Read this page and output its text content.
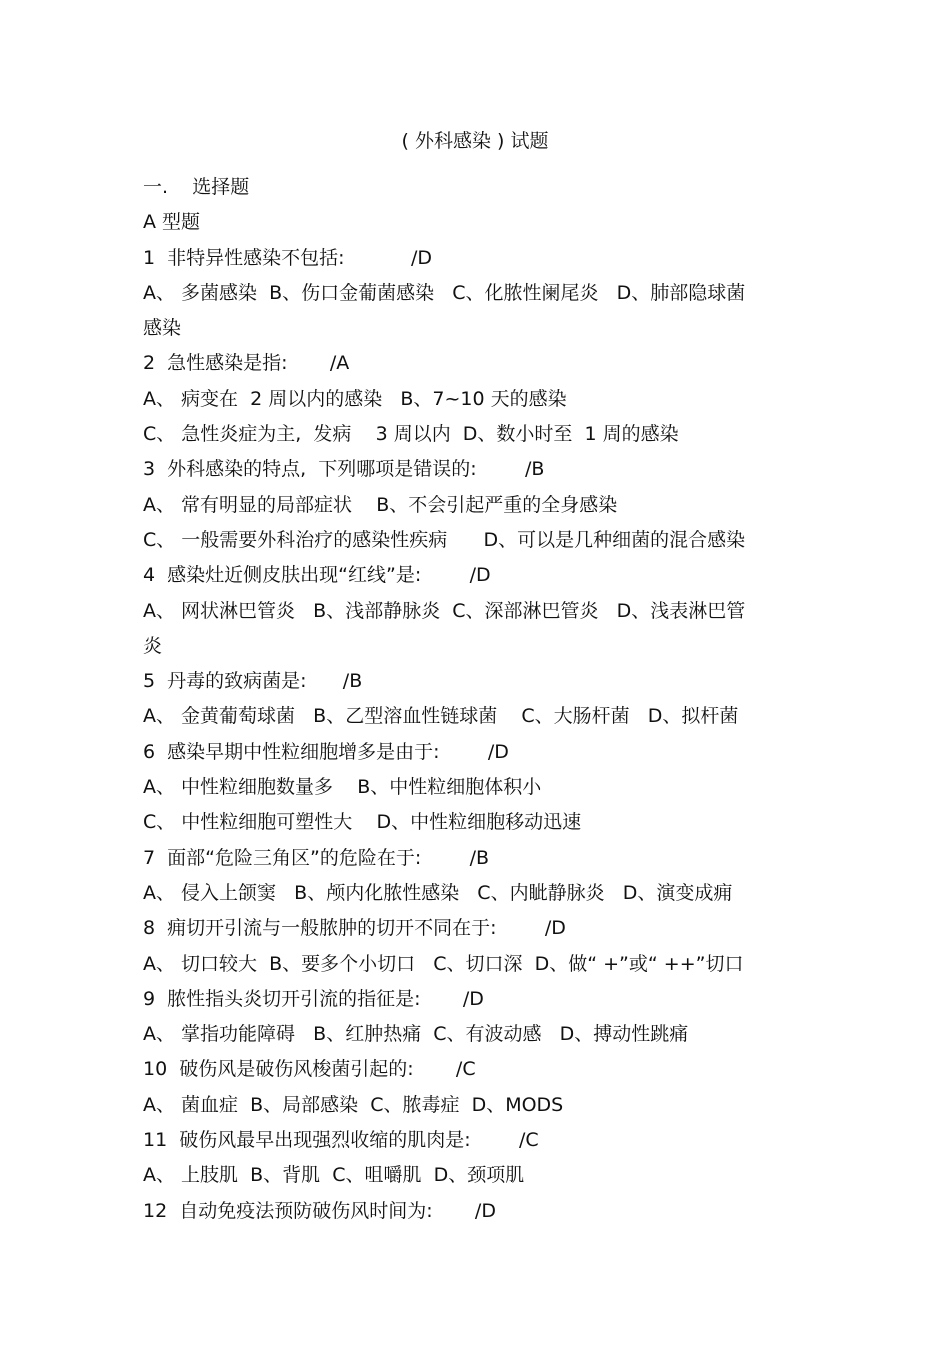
( 外科感染 ) 试题
一.    选择题
A 型题
1  非特异性感染不包括:           /D
A、 多菌感染  B、伤口金葡菌感染   C、化脓性阑尾炎   D、肺部隐球菌
感染
2  急性感染是指:       /A
A、 病变在  2 周以内的感染   B、7~10 天的感染
C、 急性炎症为主,  发病    3 周以内  D、数小时至  1 周的感染
3  外科感染的特点,  下列哪项是错误的:        /B
A、 常有明显的局部症状    B、不会引起严重的全身感染
C、 一般需要外科治疗的感染性疾病      D、可以是几种细菌的混合感染
4  感染灶近侧皮肤出现“红线”是:        /D
A、 网状淋巴管炎   B、浅部静脉炎  C、深部淋巴管炎   D、浅表淋巴管
炎
5  丹毒的致病菌是:      /B
A、 金黄葡萄球菌   B、乙型溶血性链球菌    C、大肠杆菌   D、拟杆菌
6  感染早期中性粒细胞增多是由于:        /D
A、 中性粒细胞数量多    B、中性粒细胞体积小
C、 中性粒细胞可塑性大    D、中性粒细胞移动迅速
7  面部“危险三角区”的危险在于:        /B
A、 侵入上颌窦   B、颅内化脓性感染   C、内眦静脉炎   D、演变成痈
8  痈切开引流与一般脓肿的切开不同在于:        /D
A、 切口较大  B、要多个小切口   C、切口深  D、做“ +”或“ ++”切口
9  脓性指头炎切开引流的指征是:       /D
A、 掌指功能障碍   B、红肿热痛  C、有波动感   D、搏动性跳痛
10  破伤风是破伤风梭菌引起的:       /C
A、 菌血症  B、局部感染  C、脓毒症  D、MODS
11  破伤风最早出现强烈收缩的肌肉是:        /C
A、 上肢肌  B、背肌  C、咀嚼肌  D、颈项肌
12  自动免疫法预防破伤风时间为:       /D
